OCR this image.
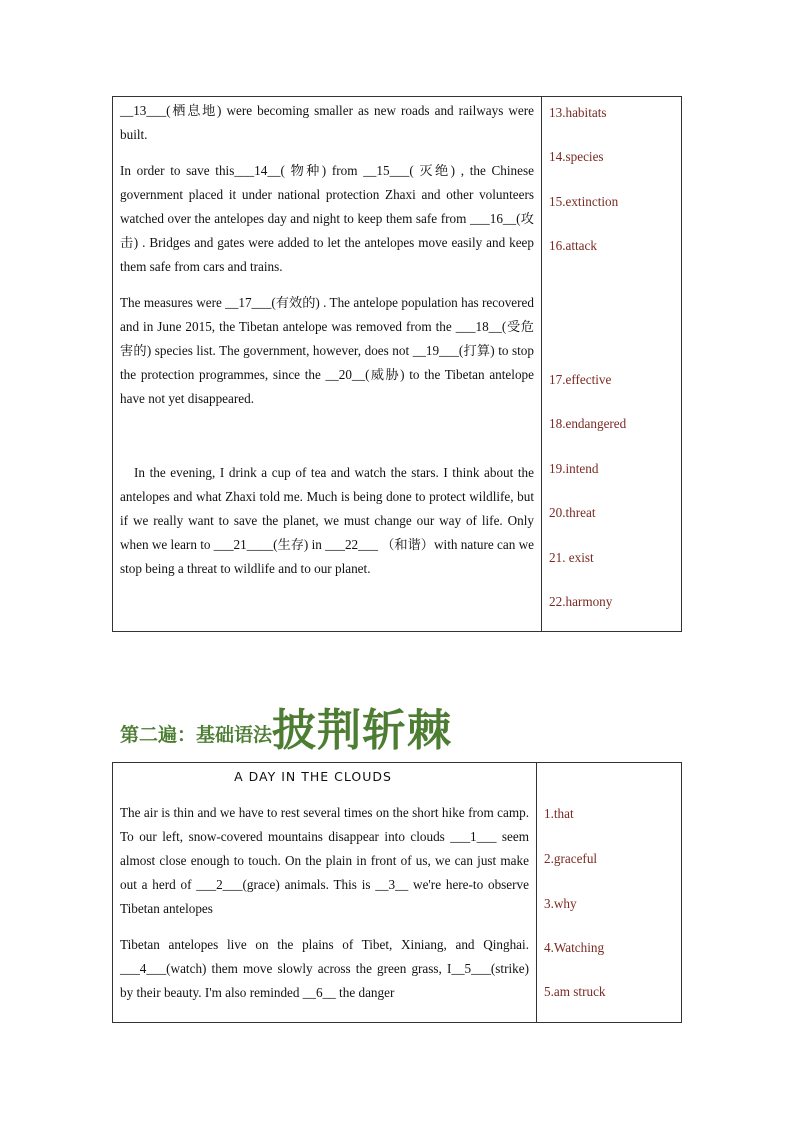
__13___(栖息地) were becoming smaller as new roads and railways were built.
In order to save this___14__( 物种) from __15___( 灭绝) , the Chinese government placed it under national protection Zhaxi and other volunteers watched over the antelopes day and night to keep them safe from ___16__(攻击) . Bridges and gates were added to let the antelopes move easily and keep them safe from cars and trains.
The measures were __17___(有效的) . The antelope population has recovered and in June 2015, the Tibetan antelope was removed from the ___18__(受危害的) species list. The government, however, does not __19___(打算) to stop the protection programmes, since the __20__(威胁) to the Tibetan antelope have not yet disappeared.
In the evening, I drink a cup of tea and watch the stars. I think about the antelopes and what Zhaxi told me. Much is being done to protect wildlife, but if we really want to save the planet, we must change our way of life. Only when we learn to ___21____(生存) in ___22___ （和谐）with nature can we stop being a threat to wildlife and to our planet.

13.habitats
14.species
15.extinction
16.attack
17.effective
18.endangered
19.intend
20.threat
21. exist
22.harmony
第二遍：基础语法披荆斩棘
A DAY IN THE CLOUDS
The air is thin and we have to rest several times on the short hike from camp. To our left, snow-covered mountains disappear into clouds ___1___ seem almost close enough to touch. On the plain in front of us, we can just make out a herd of ___2___(grace) animals. This is __3__ we're here-to observe Tibetan antelopes
Tibetan antelopes live on the plains of Tibet, Xiniang, and Qinghai. ___4___(watch) them move slowly across the green grass, I__5___(strike) by their beauty. I'm also reminded __6__ the danger

1.that
2.graceful
3.why
4.Watching
5.am struck
